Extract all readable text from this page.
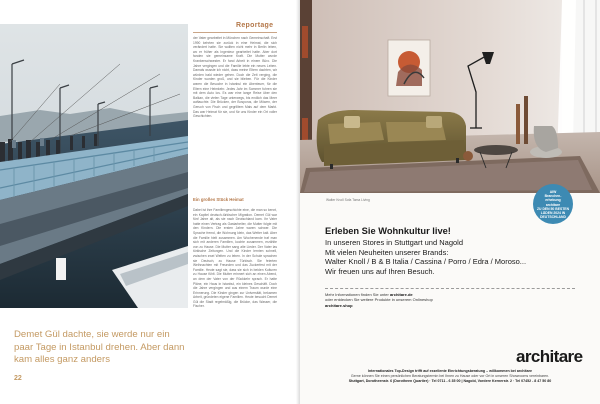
Reportage
der Vater gearbeitet in München nach Gemeinschaft. Erst 1990 kehrten sie zurück in eine Heimat, die sich verändert hatte. Sie wollten nicht mehr in Berlin leben, wo er früher als Ingenieur gearbeitet hatte. Aber dort fanden sie gemeinsame Kraft. Die Mutter wurde Krankenschwester. Er fand Arbeit in einem Büro. Die Jahre vergingen und die Familie lebte ein neues Leben. Damals wusste ich nicht, dass meine Eltern dachten, wir würden bald wieder gehen. Doch die Zeit verging, die Kinder wurden groß, und sie blieben. Für die Kinder waren die Besuche in Istanbul ein Abenteuer, für die Eltern eine Heimkehr. Jedes Jahr im Sommer fuhren sie mit dem Auto los. Es war eine lange Reise über den Balkan, die vielen Tage unterwegs, bis endlich das Meer auftauchte. Die Brücken, der Bosporus, die Möwen, der Geruch von Fisch und gegrilltem Mais auf dem Markt. Das war Heimat für sie, und für uns Kinder ein Ort voller Geschichten.
Ein großes Stück Heimat
Dabei ist ihre Familiengeschichte eine, die man so kennt, ein Kapitel deutsch-türkischer Migration. Demet Gül war fünf Jahre alt, als sie nach Deutschland kam. Ihr Vater hatte einen Vertrag als Gastarbeiter, die Mutter folgte mit den Kindern. Die ersten Jahre waren schwer. Die Sprache fremd, die Wohnung klein, das Wetter kalt. Aber die Familie hielt zusammen. Am Wochenende traf man sich mit anderen Familien, kochte zusammen, erzählte von zu Hause. Die Mutter sang alte Lieder. Der Vater las türkische Zeitungen. Und die Kinder lernten schnell, zwischen zwei Welten zu leben. In der Schule sprachen sie Deutsch, zu Hause Türkisch. Sie feierten Weihnachten mit Freunden und das Zuckerfest mit der Familie. Heute sagt sie, dass sie sich in beiden Kulturen zu Hause fühlt. Die Mutter erinnert sich an einen Abend, an dem der Vater von der Rückkehr sprach. Er hatte Pläne, ein Haus in Istanbul, ein kleines Geschäft. Doch die Jahre vergingen und aus einem Traum wurde eine Erinnerung. Die Kinder gingen zur Universität, bekamen Arbeit, gründeten eigene Familien. Heute besucht Demet Gül die Stadt regelmäßig, die Brücke, das Wasser, die Fischer.
Demet Gül dachte, sie werde nur ein paar Tage in Istanbul drehen. Aber dann kam alles ganz anders
22
Walter Knoll Sofa Tama Living
AIW
Branchen-
erhebung
architare
ZU DEN 50 BESTEN
LÄDEN 2024 IN
DEUTSCHLAND
Erleben Sie Wohnkultur live!
In unseren Stores in Stuttgart und Nagold
Mit vielen Neuheiten unserer Brands:
Walter Knoll / B & B Italia / Cassina / Porro / Edra / Moroso...
Wir freuen uns auf Ihren Besuch.
Mehr Informationen finden Sie unter architare.de
oder entdecken Sie weitere Produkte in unserem Onlineshop
architare.shop
architare
Internationales Top-Design trifft auf exzellente Einrichtungsberatung – willkommen bei architare
Gerne können Sie einen persönlichen Beratungstermin bei Ihnen zu Hause oder vor Ort in unseren Showrooms vereinbaren.
Stuttgart, Dorotheenstr. 6 (Dorotheen Quartier) · Tel 0711 - 6 35 00 | Nagold, Vordere Kernerstr. 2 · Tel 07452 - 8 47 50 80
